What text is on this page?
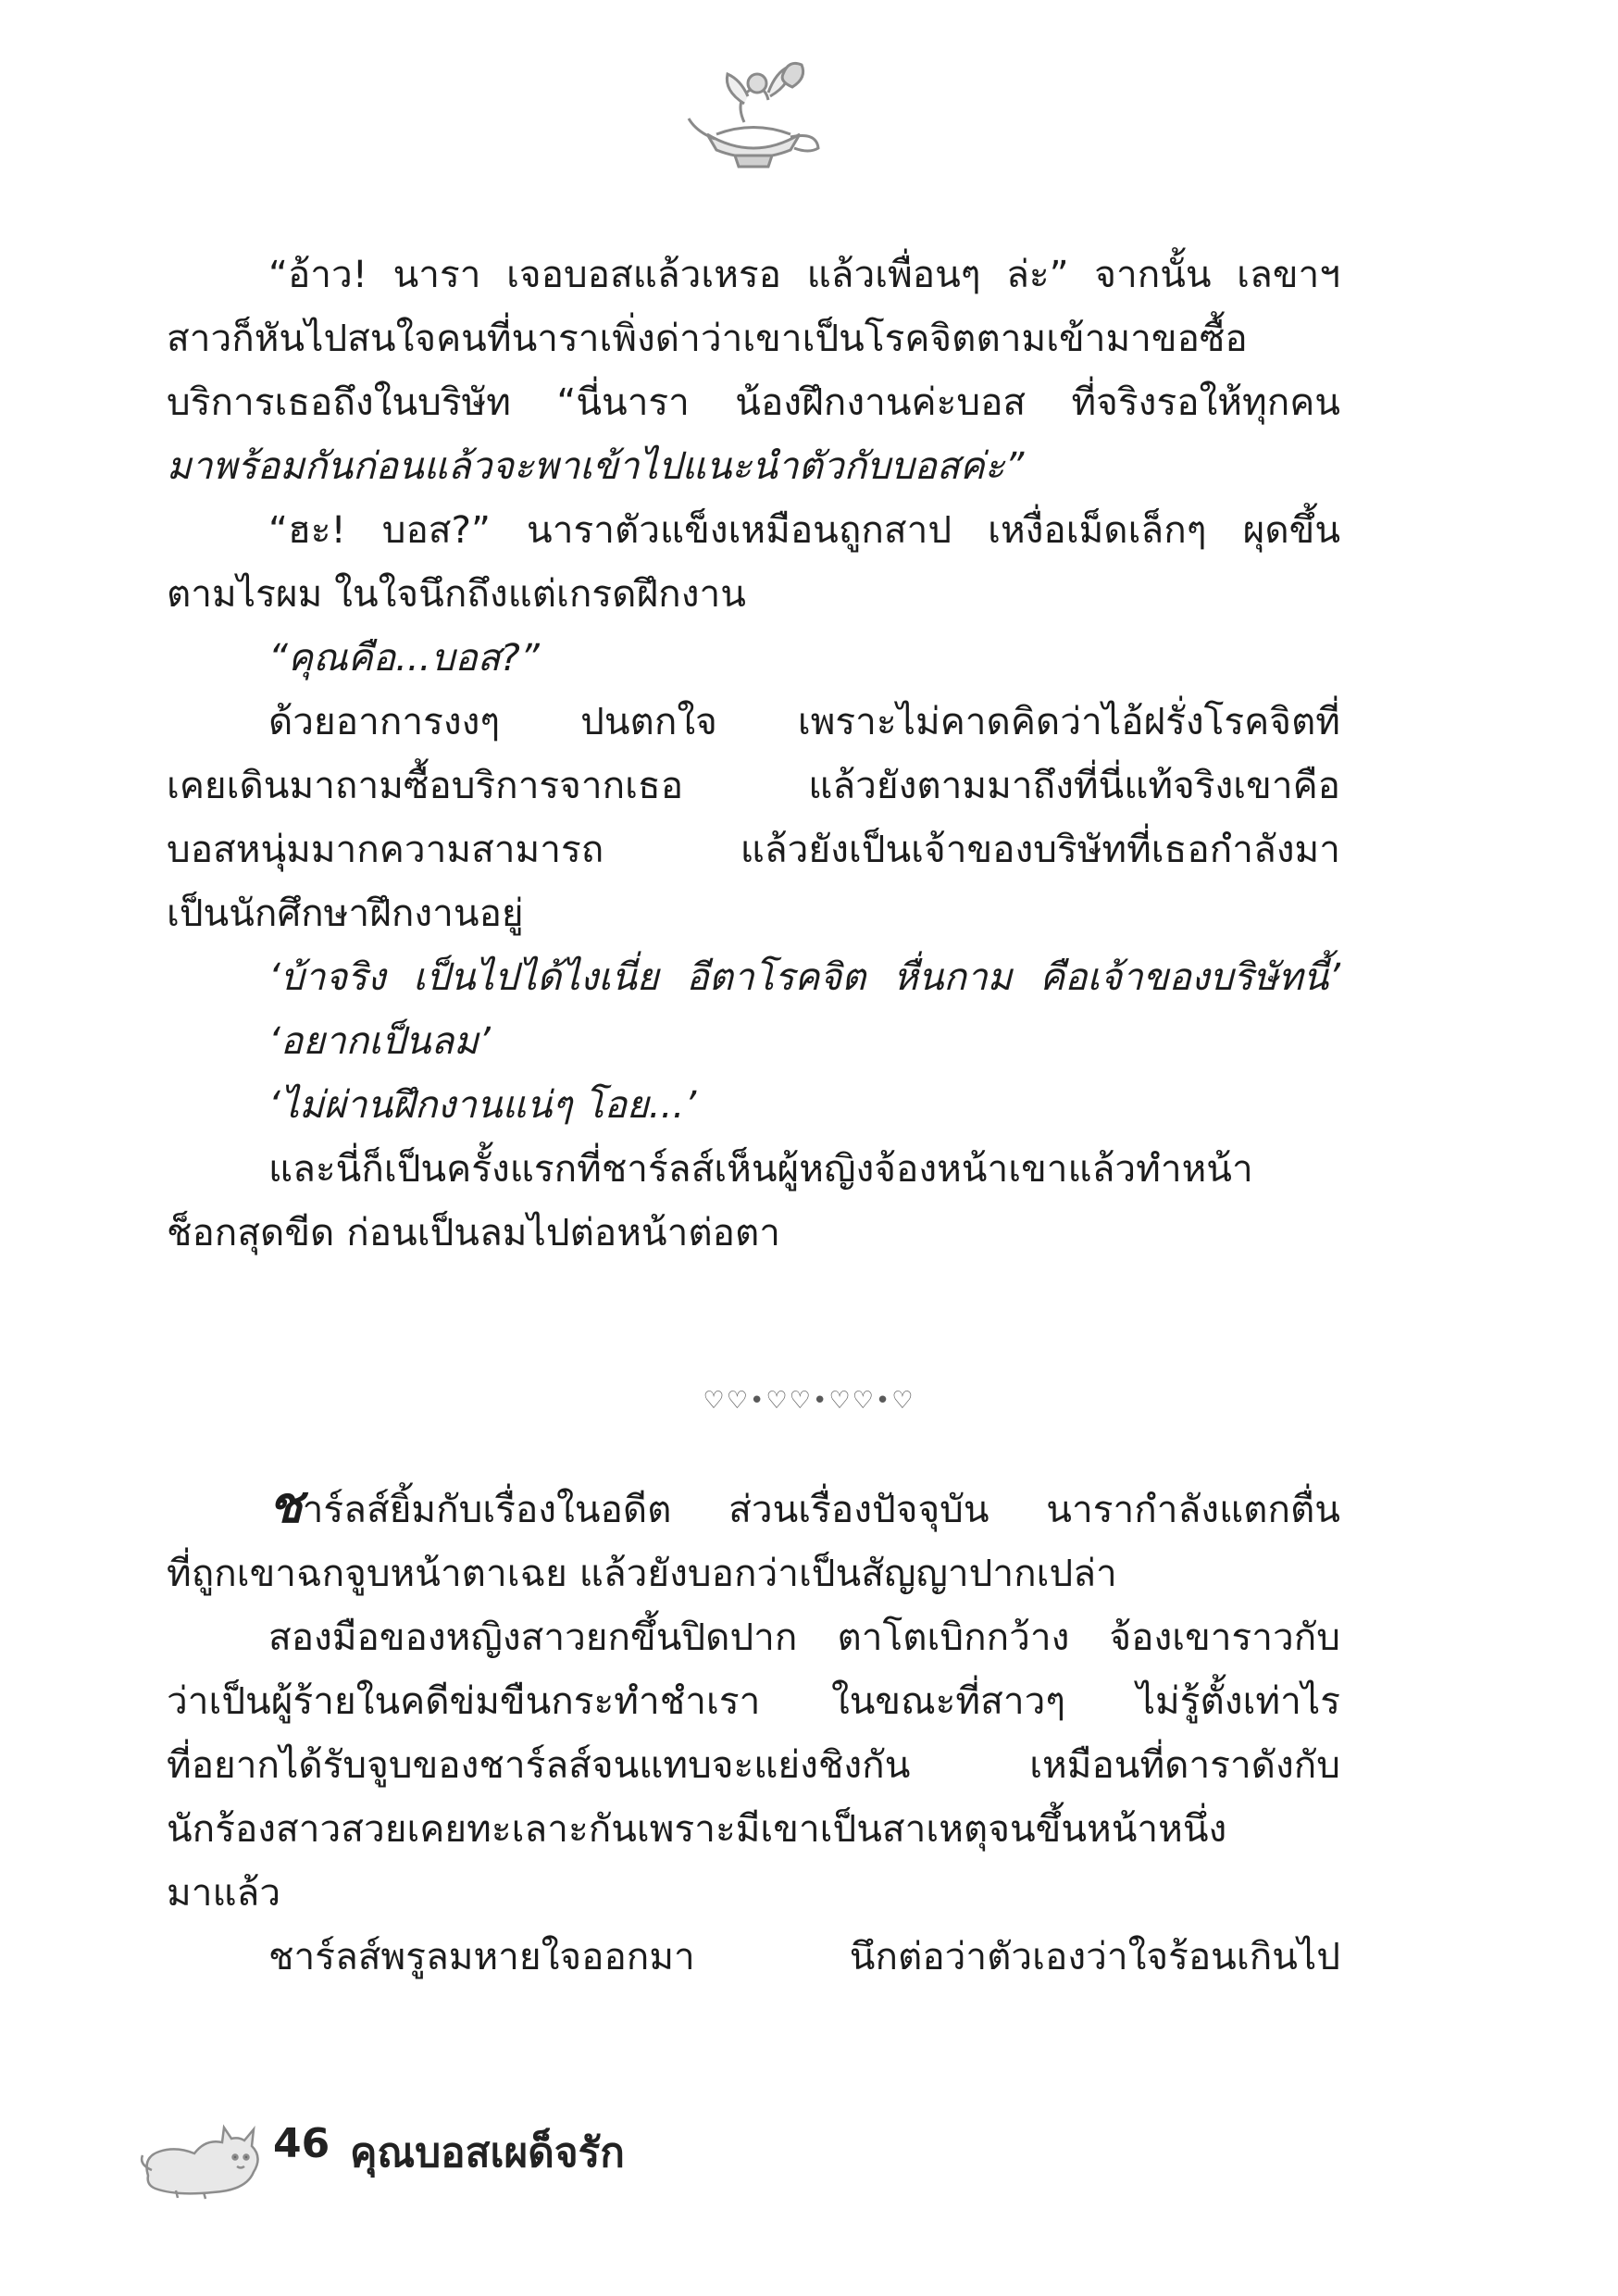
“อ้าว! นารา เจอบอสแล้วเหรอ แล้วเพื่อนๆ ล่ะ” จากนั้น เลขาฯ
สาวก็หันไปสนใจคนที่นาราเพิ่งด่าว่าเขาเป็นโรคจิตตามเข้ามาขอซื้อ
บริการเธอถึงในบริษัท “นี่นารา น้องฝึกงานค่ะบอส ที่จริงรอให้ทุกคน
มาพร้อมกันก่อนแล้วจะพาเข้าไปแนะนำตัวกับบอสค่ะ”
“ฮะ! บอส?” นาราตัวแข็งเหมือนถูกสาป เหงื่อเม็ดเล็กๆ ผุดขึ้น
ตามไรผม ในใจนึกถึงแต่เกรดฝึกงาน
“คุณคือ...บอส?”
ด้วยอาการงงๆ ปนตกใจ เพราะไม่คาดคิดว่าไอ้ฝรั่งโรคจิตที่
เคยเดินมาถามซื้อบริการจากเธอ แล้วยังตามมาถึงที่นี่แท้จริงเขาคือ
บอสหนุ่มมากความสามารถ แล้วยังเป็นเจ้าของบริษัทที่เธอกำลังมา
เป็นนักศึกษาฝึกงานอยู่
‘บ้าจริง เป็นไปได้ไงเนี่ย อีตาโรคจิต หื่นกาม คือเจ้าของบริษัทนี้’
‘อยากเป็นลม’
‘ไม่ผ่านฝึกงานแน่ๆ โอย...’
และนี่ก็เป็นครั้งแรกที่ชาร์ลส์เห็นผู้หญิงจ้องหน้าเขาแล้วทำหน้า
ช็อกสุดขีด ก่อนเป็นลมไปต่อหน้าต่อตา
♡♡•♡♡•♡♡•♡
ชาร์ลส์ยิ้มกับเรื่องในอดีต ส่วนเรื่องปัจจุบัน นารากำลังแตกตื่น
ที่ถูกเขาฉกจูบหน้าตาเฉย แล้วยังบอกว่าเป็นสัญญาปากเปล่า
สองมือของหญิงสาวยกขึ้นปิดปาก ตาโตเบิกกว้าง จ้องเขาราวกับ
ว่าเป็นผู้ร้ายในคดีข่มขืนกระทำชำเรา ในขณะที่สาวๆ ไม่รู้ตั้งเท่าไร
ที่อยากได้รับจูบของชาร์ลส์จนแทบจะแย่งชิงกัน เหมือนที่ดาราดังกับ
นักร้องสาวสวยเคยทะเลาะกันเพราะมีเขาเป็นสาเหตุจนขึ้นหน้าหนึ่ง
มาแล้ว
ชาร์ลส์พรูลมหายใจออกมา นึกต่อว่าตัวเองว่าใจร้อนเกินไป
46 คุณบอสเผด็จรัก
